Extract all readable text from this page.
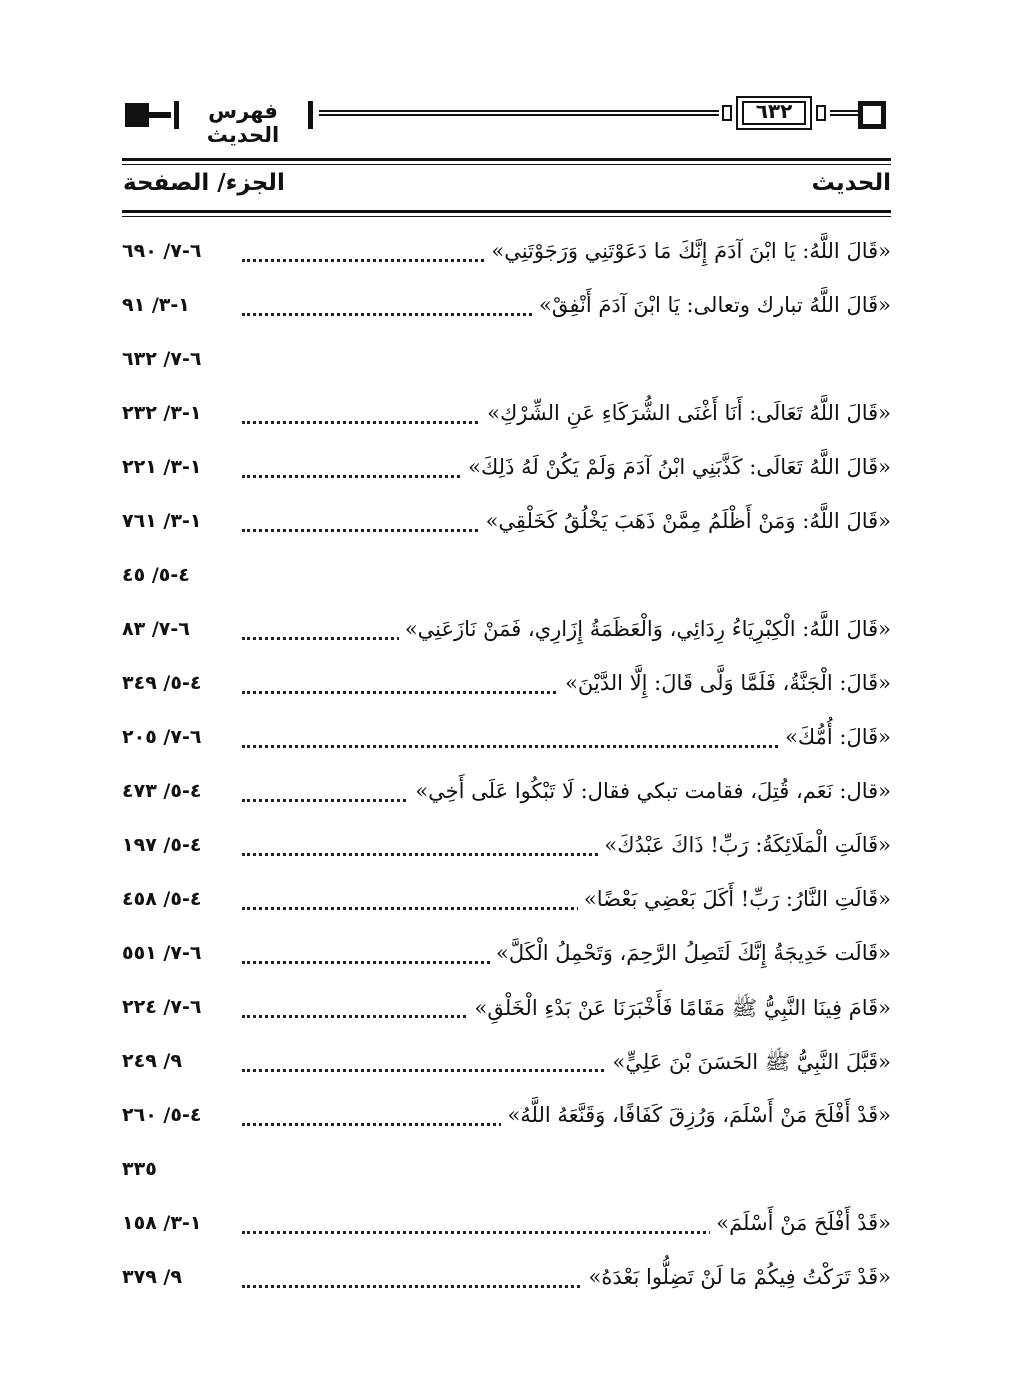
فهرس الحديث
٦٣٢
الحديث
الجزء/ الصفحة
«قَالَ اللَّهُ: يَا ابْنَ آدَمَ إِنَّكَ مَا دَعَوْتَنِي وَرَجَوْتَنِي»
٦-٧/ ٦٩٠
«قَالَ اللَّهُ تبارك وتعالى: يَا ابْنَ آدَمَ أَنْفِقْ»
١-٣/ ٩١
٦-٧/ ٦٣٢
«قَالَ اللَّهُ تَعَالَى: أَنَا أَغْنَى الشُّرَكَاءِ عَنِ الشِّرْكِ»
١-٣/ ٢٣٢
«قَالَ اللَّهُ تَعَالَى: كَذَّبَنِي ابْنُ آدَمَ وَلَمْ يَكُنْ لَهُ ذَلِكَ»
١-٣/ ٢٢١
«قَالَ اللَّهُ: وَمَنْ أَظْلَمُ مِمَّنْ ذَهَبَ يَخْلُقُ كَخَلْقِي»
١-٣/ ٧٦١
٤-٥/ ٤٥
«قَالَ اللَّهُ: الْكِبْرِيَاءُ رِدَائِي، وَالْعَظَمَةُ إِزَارِي، فَمَنْ نَازَعَنِي»
٦-٧/ ٨٣
«قَالَ: الْجَنَّةُ، فَلَمَّا وَلَّى قَالَ: إِلَّا الدَّيْنَ»
٤-٥/ ٣٤٩
«قَالَ: أُمُّكَ»
٦-٧/ ٢٠٥
«قال: نَعَم، قُتِلَ، فقامت تبكي فقال: لَا تَبْكُوا عَلَى أَخِي»
٤-٥/ ٤٧٣
«قَالَتِ الْمَلَائِكَةُ: رَبِّ! ذَاكَ عَبْدُكَ»
٤-٥/ ١٩٧
«قَالَتِ النَّارُ: رَبِّ! أَكَلَ بَعْضِي بَعْضًا»
٤-٥/ ٤٥٨
«قَالَت خَدِيجَةُ إِنَّكَ لَتَصِلُ الرَّحِمَ، وَتَحْمِلُ الْكَلَّ»
٦-٧/ ٥٥١
«قَامَ فِينَا النَّبِيُّ ﷺ مَقَامًا فَأَخْبَرَنَا عَنْ بَدْءِ الْخَلْقِ»
٦-٧/ ٢٢٤
«قَبَّلَ النَّبِيُّ ﷺ الحَسَنَ بْنَ عَلِيٍّ»
٩/ ٢٤٩
«قَدْ أَفْلَحَ مَنْ أَسْلَمَ، وَرُزِقَ كَفَافًا، وَقَنَّعَهُ اللَّهُ»
٤-٥/ ٢٦٠
٣٣٥
«قَدْ أَفْلَحَ مَنْ أَسْلَمَ»
١-٣/ ١٥٨
«قَدْ تَرَكْتُ فِيكُمْ مَا لَنْ تَضِلُّوا بَعْدَهُ»
٩/ ٣٧٩
